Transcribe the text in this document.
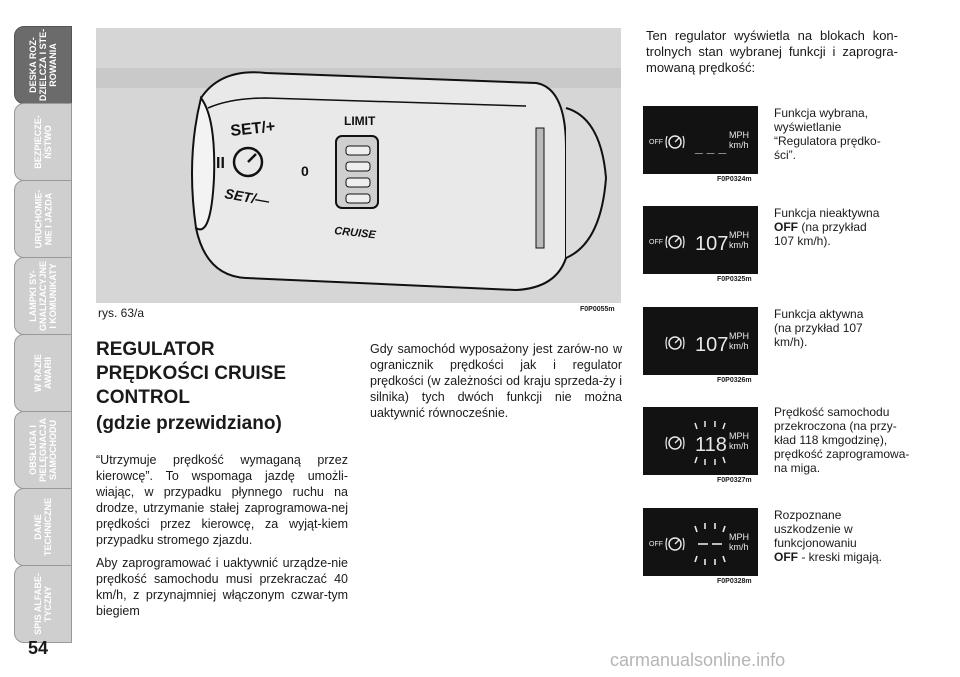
DESKA ROZ-
DZIELCZA I STE-
ROWANIA
BEZPIECZE-
ŃSTWO
URUCHOMIE-
NIE I JAZDA
LAMPKI SY-
GNALIZACYJNE
I KOMUNIKATY
W RAZIE
AWARII
OBSŁUGA I
PIELĘGNACJA
SAMOCHODU
DANE
TECHNICZNE
SPIS ALFABE-
TYCZNY
54
II
SET/+
SET/—
LIMIT
0
CRUISE
rys. 63/a	F0P0055m
REGULATOR
PRĘDKOŚCI CRUISE
CONTROL
(gdzie przewidziano)
“Utrzymuje prędkość wymaganą przez kierowcę”. To wspomaga jazdę umożli-wiając, w przypadku płynnego ruchu na drodze, utrzymanie stałej zaprogramowa-nej prędkości przez kierowcę, za wyjąt-kiem przypadku stromego zjazdu.
Aby zaprogramować i uaktywnić urządze-nie prędkość samochodu musi przekraczać 40 km/h, z przynajmniej włączonym czwar-tym biegiem
Gdy samochód wyposażony jest zarów-no w ogranicznik prędkości jak i regulator prędkości (w zależności od kraju sprzeda-ży i silnika) tych dwóch funkcji nie można uaktywnić równocześnie.
Ten regulator wyświetla na blokach kon-trolnych stan wybranej funkcji i zaprogra-mowaną prędkość:
OFF _ _ _
MPH
km/h
F0P0324m
Funkcja wybrana,
wyświetlanie
“Regulatora prędko-
ści”.
OFF 107 MPH
km/h
F0P0325m
Funkcja nieaktywna
OFF (na przykład
107 km/h).
107 MPH
km/h
F0P0326m
Funkcja aktywna
(na przykład 107
km/h).
118 MPH
km/h
F0P0327m
Prędkość samochodu
przekroczona (na przy-
kład 118 kmgodzinę),
prędkość zaprogramowa-
na miga.
OFF
MPH
km/h
F0P0328m
Rozpoznane
uszkodzenie w
funkcjonowaniu
OFF - kreski migają.
carmanualsonline.info
